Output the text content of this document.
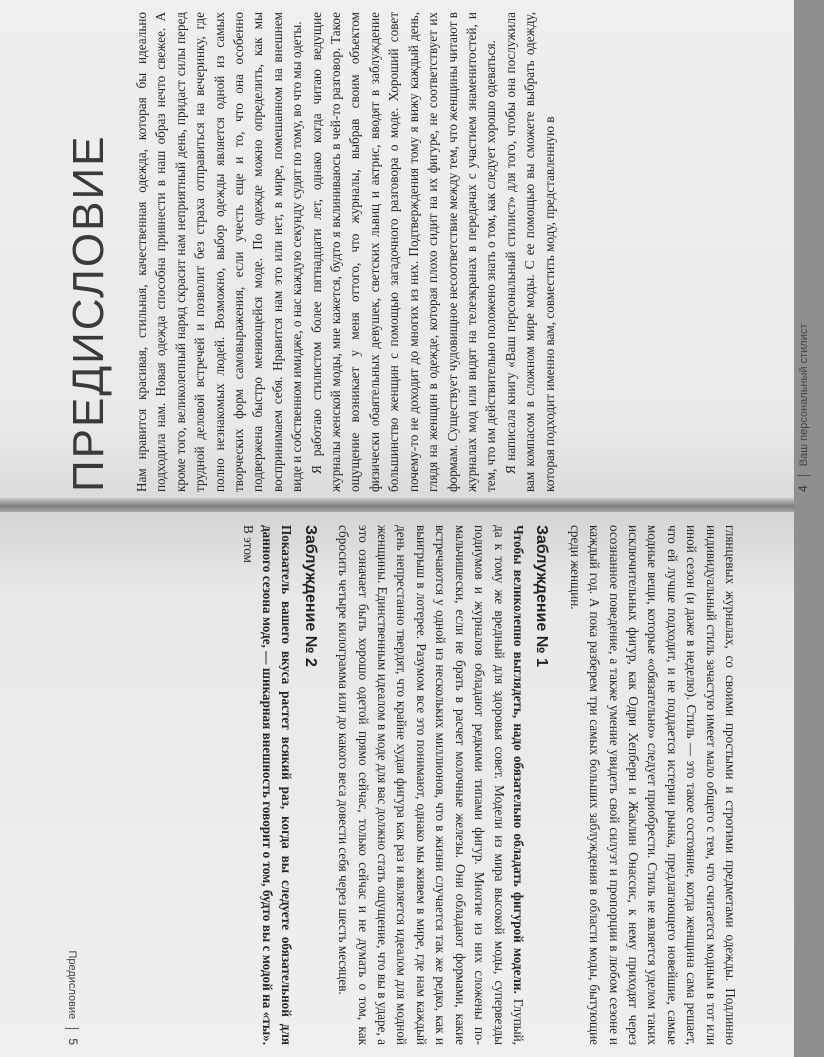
ПРЕДИСЛОВИЕ Нам нравится красивая, стильная, качественная одежда, которая бы идеально подходила нам. Новая одежда способна привнести в наш образ нечто свежее. А кроме того, великолепный наряд скрасит нам неприятный день, придаст силы перед трудной деловой встречей и позволит без страха отправиться на вечеринку, где полно незнакомых людей. Возможно, выбор одежды является одной из самых творческих форм самовыражения, если учесть еще и то, что она особенно подвержена быстро меняющейся моде. По одежде можно определить, как мы воспринимаем себя. Нравится нам это или нет, в мире, помешанном на внешнем виде и собственном имидже, о нас каждую секунду судят по тому, во что мы одеты. Я работаю стилистом более пятнадцати лет, однако когда читаю ведущие журналы женской моды, мне кажется, будто я вклиниваюсь в чей-то разговор. Такое ощущение возникает у меня оттого, что журналы, выбрав своим объектом физически обаятельных девушек, светских львиц и актрис, вводят в заблуждение большинство женщин с помощью загадочного разговора о моде. Хороший совет почему-то не доходит до многих из них. Подтверждения тому я вижу каждый день, глядя на женщин в одежде, которая плохо сидит на их фигуре, не соответствует их формам. Существует чудовищное несоответствие между тем, что женщины читают в журналах мод или видят на телеэкранах в передачах с участием знаменитостей, и тем, что им действительно положено знать о том, как следует хорошо одеваться. Я написала книгу «Ваш персональный стилист» для того, чтобы она послужила вам компасом в сложном мире моды. С ее помощью вы сможете выбрать одежду, которая подходит именно вам, совместить моду, представленную в	4  Ваш персональный стилист

глянцевых журналах, со своими простыми и строгими предметами одежды. Подлинно индивидуальный стиль зачастую имеет мало общего с тем, что считается модным в тот или иной сезон (и даже в неделю). Стиль — это такое состояние, когда женщина сама решает, что ей лучше подходит, и не поддается истерии рынка, предлагающего новейшие, самые модные вещи, которые «обязательно» следует приобрести. Стиль не является уделом таких исключительных фигур, как Одри Хепберн и Жаклин Онассис, к нему приходят через осознанное поведение, а также умение увидеть свой силуэт и пропорции в любом сезоне и каждый год. А пока разберем три самых больших заблуждения в области моды, бытующие среди женщин.

Заблуждение № 1

Чтобы великолепно выглядеть, надо обязательно обладать фигурой модели. Глупый, да к тому же вредный для здоровья совет. Модели из мира высокой моды, супервезды подиумов и журналов обладают редкими типами фигур. Многие из них сложены по-мальчишески, если не брать в расчет молочные железы. Они обладают формами, какие встречаются у одной из нескольких миллионов, что в жизни случается так же редко, как и выигрыш в лотерее. Разумом все это понимают, однако мы живем в мире, где нам каждый день непрестанно твердят, что крайне худая фигура как раз и является идеалом для модной женщины. Единственным идеалом в моде для вас должно стать ощущение, что вы в ударе, а это означает быть хорошо одетой прямо сейчас, только сейчас и не думать о том, как сбросить четыре килограмма или до какого веса довести себя через шесть месяцев.

Заблуждение № 2

Показатель вашего вкуса растет всякий раз, когда вы следуете обязательной для данного сезона моде, — шикарная внешность говорит о том, будто вы с модой на «ты». В этом

Предисловие  5
